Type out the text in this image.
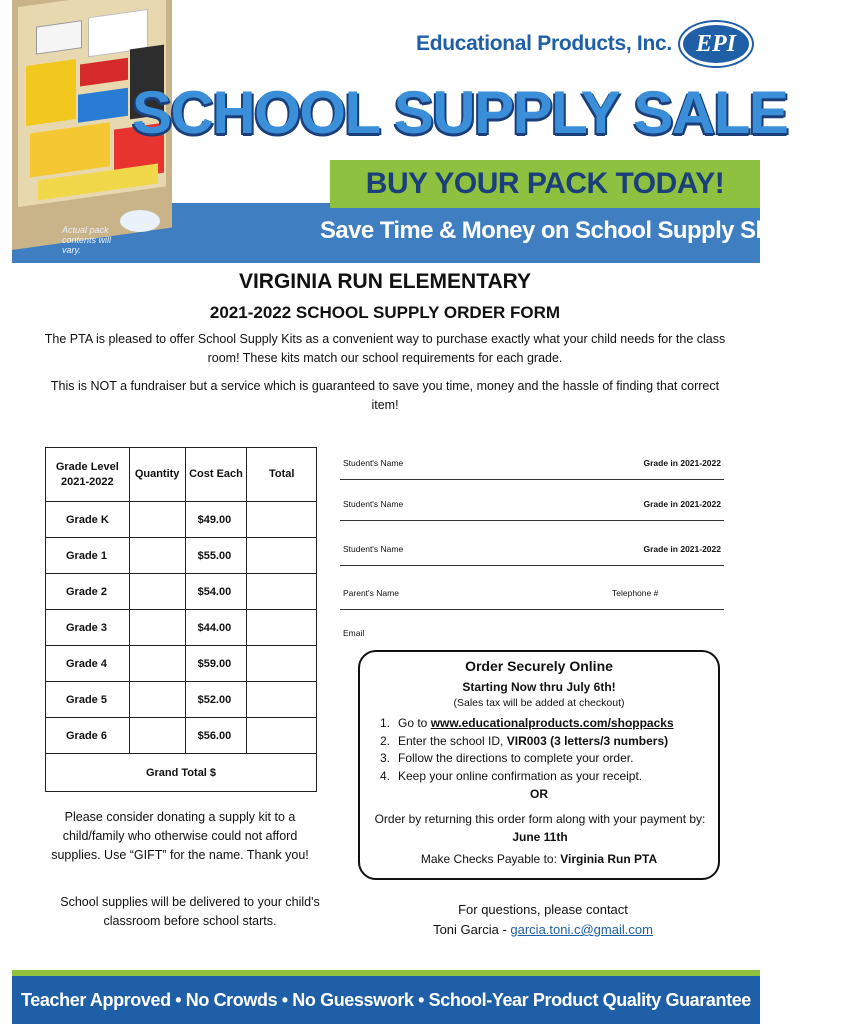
Actual pack contents will vary.
Educational Products, Inc.	EPI
SCHOOL SUPPLY SALE
BUY YOUR PACK TODAY!
Save Time & Money on School Supply Shopping.
VIRGINIA RUN ELEMENTARY
2021-2022 SCHOOL SUPPLY ORDER FORM
The PTA is pleased to offer School Supply Kits as a convenient way to purchase exactly what your child needs for the class room! These kits match our school requirements for each grade.
This is NOT a fundraiser but a service which is guaranteed to save you time, money and the hassle of finding that correct item!
Grade Level 2021-2022	Quantity	Cost Each	Total
Grade K		$49.00	
Grade 1		$55.00	
Grade 2		$54.00	
Grade 3		$44.00	
Grade 4		$59.00	
Grade 5		$52.00	
Grade 6		$56.00	
Grand Total $			
Student's Name	Grade in 2021-2022
Student's Name	Grade in 2021-2022
Student's Name	Grade in 2021-2022
Parent's Name	Telephone #
Email
Order Securely Online
Starting Now thru July 6th!
(Sales tax will be added at checkout)
1. Go to www.educationalproducts.com/shoppacks
2. Enter the school ID, VIR003 (3 letters/3 numbers)
3. Follow the directions to complete your order.
4. Keep your online confirmation as your receipt.
OR
Order by returning this order form along with your payment by: June 11th
Make Checks Payable to: Virginia Run PTA
Please consider donating a supply kit to a child/family who otherwise could not afford supplies. Use “GIFT” for the name. Thank you!
School supplies will be delivered to your child's classroom before school starts.
For questions, please contact
Toni Garcia - garcia.toni.c@gmail.com
Teacher Approved • No Crowds • No Guesswork • School-Year Product Quality Guarantee
